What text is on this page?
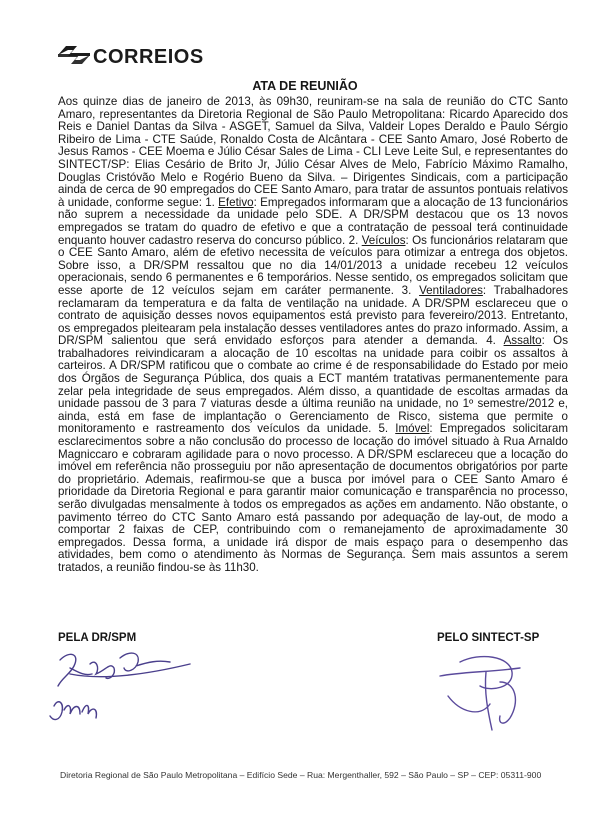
CORREIOS
ATA DE REUNIÃO
Aos quinze dias de janeiro de 2013, às 09h30, reuniram-se na sala de reunião do CTC Santo Amaro, representantes da Diretoria Regional de São Paulo Metropolitana: Ricardo Aparecido dos Reis e Daniel Dantas da Silva - ASGET, Samuel da Silva, Valdeir Lopes Deraldo e Paulo Sérgio Ribeiro de Lima - CTE Saúde, Ronaldo Costa de Alcântara - CEE Santo Amaro, José Roberto de Jesus Ramos - CEE Moema e Júlio César Sales de Lima - CLI Leve Leite Sul, e representantes do SINTECT/SP: Elias Cesário de Brito Jr, Júlio César Alves de Melo, Fabrício Máximo Ramalho, Douglas Cristóvão Melo e Rogério Bueno da Silva. – Dirigentes Sindicais, com a participação ainda de cerca de 90 empregados do CEE Santo Amaro, para tratar de assuntos pontuais relativos à unidade, conforme segue: 1. Efetivo: Empregados informaram que a alocação de 13 funcionários não suprem a necessidade da unidade pelo SDE. A DR/SPM destacou que os 13 novos empregados se tratam do quadro de efetivo e que a contratação de pessoal terá continuidade enquanto houver cadastro reserva do concurso público. 2. Veículos: Os funcionários relataram que o CEE Santo Amaro, além de efetivo necessita de veículos para otimizar a entrega dos objetos. Sobre isso, a DR/SPM ressaltou que no dia 14/01/2013 a unidade recebeu 12 veículos operacionais, sendo 6 permanentes e 6 temporários. Nesse sentido, os empregados solicitam que esse aporte de 12 veículos sejam em caráter permanente. 3. Ventiladores: Trabalhadores reclamaram da temperatura e da falta de ventilação na unidade. A DR/SPM esclareceu que o contrato de aquisição desses novos equipamentos está previsto para fevereiro/2013. Entretanto, os empregados pleitearam pela instalação desses ventiladores antes do prazo informado. Assim, a DR/SPM salientou que será envidado esforços para atender a demanda. 4. Assalto: Os trabalhadores reivindicaram a alocação de 10 escoltas na unidade para coibir os assaltos à carteiros. A DR/SPM ratificou que o combate ao crime é de responsabilidade do Estado por meio dos Órgãos de Segurança Pública, dos quais a ECT mantém tratativas permanentemente para zelar pela integridade de seus empregados. Além disso, a quantidade de escoltas armadas da unidade passou de 3 para 7 viaturas desde a última reunião na unidade, no 1º semestre/2012 e, ainda, está em fase de implantação o Gerenciamento de Risco, sistema que permite o monitoramento e rastreamento dos veículos da unidade. 5. Imóvel: Empregados solicitaram esclarecimentos sobre a não conclusão do processo de locação do imóvel situado à Rua Arnaldo Magniccaro e cobraram agilidade para o novo processo. A DR/SPM esclareceu que a locação do imóvel em referência não prosseguiu por não apresentação de documentos obrigatórios por parte do proprietário. Ademais, reafirmou-se que a busca por imóvel para o CEE Santo Amaro é prioridade da Diretoria Regional e para garantir maior comunicação e transparência no processo, serão divulgadas mensalmente à todos os empregados as ações em andamento. Não obstante, o pavimento térreo do CTC Santo Amaro está passando por adequação de lay-out, de modo a comportar 2 faixas de CEP, contribuindo com o remanejamento de aproximadamente 30 empregados. Dessa forma, a unidade irá dispor de mais espaço para o desempenho das atividades, bem como o atendimento às Normas de Segurança. Sem mais assuntos a serem tratados, a reunião findou-se às 11h30.
PELA DR/SPM	PELO SINTECT-SP
Diretoria Regional de São Paulo Metropolitana – Edifício Sede – Rua: Mergenthaller, 592 – São Paulo – SP – CEP: 05311-900
